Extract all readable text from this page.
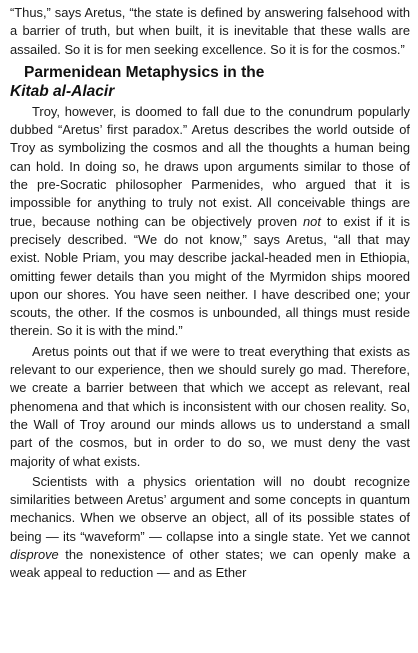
“Thus,” says Aretus, “the state is defined by answering falsehood with a barrier of truth, but when built, it is inevitable that these walls are assailed. So it is for men seeking excellence. So it is for the cosmos.”

Parmenidean Metaphysics in the
Kitab al-Alacir

Troy, however, is doomed to fall due to the conundrum popularly dubbed “Aretus’ first paradox.” Aretus describes the world outside of Troy as symbolizing the cosmos and all the thoughts a human being can hold. In doing so, he draws upon arguments similar to those of the pre-Socratic philosopher Parmenides, who argued that it is impossible for anything to truly not exist. All conceivable things are true, because nothing can be objectively proven not to exist if it is precisely described. “We do not know,” says Aretus, “all that may exist. Noble Priam, you may describe jackal-headed men in Ethiopia, omitting fewer details than you might of the Myrmidon ships moored upon our shores. You have seen neither. I have described one; your scouts, the other. If the cosmos is unbounded, all things must reside therein. So it is with the mind.”

Aretus points out that if we were to treat everything that exists as relevant to our experience, then we should surely go mad. Therefore, we create a barrier between that which we accept as relevant, real phenomena and that which is inconsistent with our chosen reality. So, the Wall of Troy around our minds allows us to understand a small part of the cosmos, but in order to do so, we must deny the vast majority of what exists.

Scientists with a physics orientation will no doubt recognize similarities between Aretus’ argument and some concepts in quantum mechanics. When we observe an object, all of its possible states of being — its “waveform” — collapse into a single state. Yet we cannot disprove the nonexistence of other states; we can openly make a weak appeal to reduction — and as Ether
